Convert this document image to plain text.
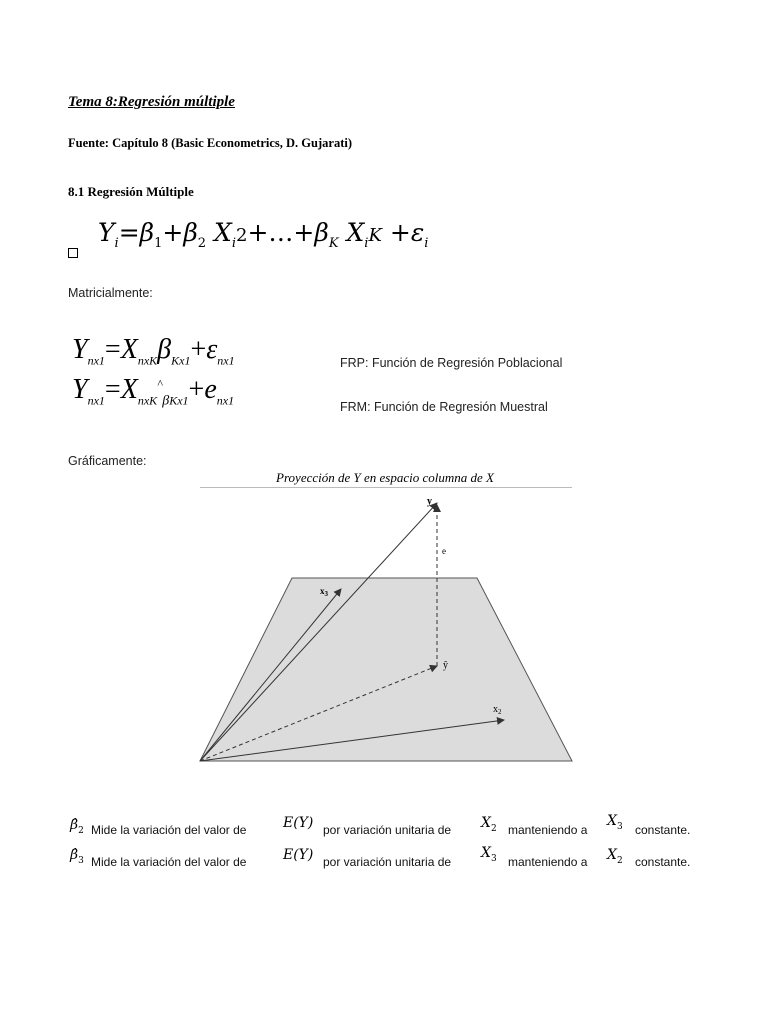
Tema 8:Regresión múltiple
Fuente: Capítulo 8 (Basic Econometrics, D. Gujarati)
8.1 Regresión Múltiple
$Y_i=\beta_1+\beta_2$ $X_i2+\dots+\beta_K$ $X_iK +\varepsilon_i$
Matricialmente:
$Y_{nx1}=X_{nxK}\beta_{Kx1}+\varepsilon_{nx1}$
$Y_{nx1}=X_{nxK}^{\^{}}_{\beta Kx1}+e_{nx1}$
FRP: Función de Regresión Poblacional
FRM: Función de Regresión Muestral
Gráficamente:
Proyección de Y en espacio columna de X
y
e
$x_3$
ŷ
$x_2$
$\betâ_2$ Mide la variación del valor de	E(Y) por variación unitaria de $X_2$ manteniendo a
$X_3$ constante.
$\betâ_3$ Mide la variación del valor de	E(Y) por variación unitaria de
$X_3$ manteniendo a $X_2$ constante.
